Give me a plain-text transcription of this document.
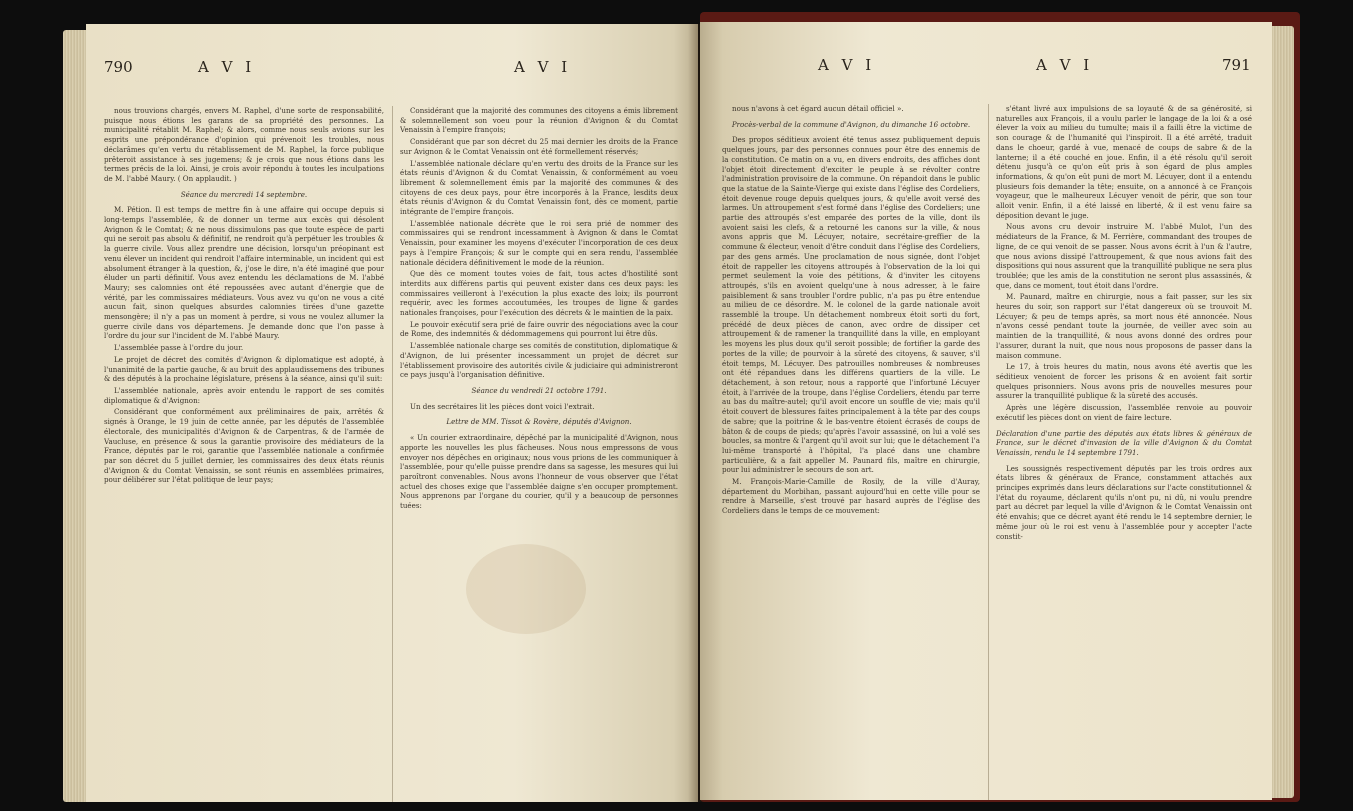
790	A V I	A V I

nous trouvions chargés, envers M. Raphel, d'une sorte de responsabilité, puisque nous étions les garans de sa propriété des personnes. La municipalité rétablit M. Raphel; & alors, comme nous seuls avions sur les esprits une prépondérance d'opinion qui prévenoit les troubles, nous déclarâmes qu'en vertu du rétablissement de M. Raphel, la force publique prêteroit assistance à ses jugemens; & je crois que nous étions dans les termes précis de la loi. Ainsi, je crois avoir répondu à toutes les inculpations de M. l'abbé Maury. ( On applaudit. )

Séance du mercredi 14 septembre.

M. Pétion. Il est temps de mettre fin à une affaire qui occupe depuis si long-temps l'assemblée, & de donner un terme aux excès qui désolent Avignon & le Comtat; & ne nous dissimulons pas que toute espèce de parti qui ne seroit pas absolu & définitif, ne rendroit qu'à perpétuer les troubles & la guerre civile. Vous allez prendre une décision, lorsqu'un préopinant est venu élever un incident qui rendroit l'affaire interminable, un incident qui est absolument étranger à la question, &, j'ose le dire, n'a été imaginé que pour éluder un parti définitif. Vous avez entendu les déclamations de M. l'abbé Maury; ses calomnies ont été repoussées avec autant d'énergie que de vérité, par les commissaires médiateurs. Vous avez vu qu'on ne vous a cité aucun fait, sinon quelques absurdes calomnies tirées d'une gazette mensongère; il n'y a pas un moment à perdre, si vous ne voulez allumer la guerre civile dans vos départemens. Je demande donc que l'on passe à l'ordre du jour sur l'incident de M. l'abbé Maury.

L'assemblée passe à l'ordre du jour.

Le projet de décret des comités d'Avignon & diplomatique est adopté, à l'unanimité de la partie gauche, & au bruit des applaudissemens des tribunes & des députés à la prochaine législature, présens à la séance, ainsi qu'il suit:

L'assemblée nationale, après avoir entendu le rapport de ses comités diplomatique & d'Avignon:

Considérant que conformément aux préliminaires de paix, arrêtés & signés à Orange, le 19 juin de cette année, par les députés de l'assemblée électorale, des municipalités d'Avignon & de Carpentras, & de l'armée de Vaucluse, en présence & sous la garantie provisoire des médiateurs de la France, députés par le roi, garantie que l'assemblée nationale a confirmée par son décret du 5 juillet dernier, les commissaires des deux états réunis d'Avignon & du Comtat Venaissin, se sont réunis en assemblées primaires, pour délibérer sur l'état politique de leur pays;

Considérant que la majorité des communes des citoyens a émis librement & solemnellement son voeu pour la réunion d'Avignon & du Comtat Venaissin à l'empire françois;

Considérant que par son décret du 25 mai dernier les droits de la France sur Avignon & le Comtat Venaissin ont été formellement réservés;

L'assemblée nationale déclare qu'en vertu des droits de la France sur les états réunis d'Avignon & du Comtat Venaissin, & conformément au voeu librement & solemnellement émis par la majorité des communes & des citoyens de ces deux pays, pour être incorporés à la France, lesdits deux états réunis d'Avignon & du Comtat Venaissin font, dès ce moment, partie intégrante de l'empire françois.

L'assemblée nationale décrète que le roi sera prié de nommer des commissaires qui se rendront incessamment à Avignon & dans le Comtat Venaissin, pour examiner les moyens d'exécuter l'incorporation de ces deux pays à l'empire François; & sur le compte qui en sera rendu, l'assemblée nationale décidera définitivement le mode de la réunion.

Que dès ce moment toutes voies de fait, tous actes d'hostilité sont interdits aux différens partis qui peuvent exister dans ces deux pays: les commissaires veilleront à l'exécution la plus exacte des loix; ils pourront requérir, avec les formes accoutumées, les troupes de ligne & gardes nationales françoises, pour l'exécution des décrets & le maintien de la paix.

Le pouvoir exécutif sera prié de faire ouvrir des négociations avec la cour de Rome, des indemnités & dédommagemens qui pourront lui être dûs.

L'assemblée nationale charge ses comités de constitution, diplomatique & d'Avignon, de lui présenter incessamment un projet de décret sur l'établissement provisoire des autorités civile & judiciaire qui administreront ce pays jusqu'à l'organisation définitive.

Séance du vendredi 21 octobre 1791.

Un des secrétaires lit les pièces dont voici l'extrait.

Lettre de MM. Tissot & Rovère, députés d'Avignon.

« Un courier extraordinaire, dépêché par la municipalité d'Avignon, nous apporte les nouvelles les plus fâcheuses. Nous nous empressons de vous envoyer nos dépêches en originaux; nous vous prions de les communiquer à l'assemblée, pour qu'elle puisse prendre dans sa sagesse, les mesures qui lui paroîtront convenables. Nous avons l'honneur de vous observer que l'état actuel des choses exige que l'assemblée daigne s'en occuper promptement. Nous apprenons par l'organe du courier, qu'il y a beaucoup de personnes tuées:

A V I	A V I	791

nous n'avons à cet égard aucun détail officiel ».

Procès-verbal de la commune d'Avignon, du dimanche 16 octobre.

Des propos séditieux avoient été tenus assez publiquement depuis quelques jours, par des personnes connues pour être des ennemis de la constitution. Ce matin on a vu, en divers endroits, des affiches dont l'objet étoit directement d'exciter le peuple à se révolter contre l'administration provisoire de la commune. On répandoit dans le public que la statue de la Sainte-Vierge qui existe dans l'église des Cordeliers, étoit devenue rouge depuis quelques jours, & qu'elle avoit versé des larmes. Un attroupement s'est formé dans l'église des Cordeliers; une partie des attroupés s'est emparée des portes de la ville, dont ils avoient saisi les clefs, & a retourné les canons sur la ville, & nous avons appris que M. Lécuyer, notaire, secrétaire-greffier de la commune & électeur, venoit d'être conduit dans l'église des Cordeliers, par des gens armés. Une proclamation de nous signée, dont l'objet étoit de rappeller les citoyens attroupés à l'observation de la loi qui permet seulement la voie des pétitions, & d'inviter les citoyens attroupés, s'ils en avoient quelqu'une à nous adresser, à le faire paisiblement & sans troubler l'ordre public, n'a pas pu être entendue au milieu de ce désordre. M. le colonel de la garde nationale avoit rassemblé la troupe. Un détachement nombreux étoit sorti du fort, précédé de deux pièces de canon, avec ordre de dissiper cet attroupement & de ramener la tranquillité dans la ville, en employant les moyens les plus doux qu'il seroit possible; de fortifier la garde des portes de la ville; de pourvoir à la sûreté des citoyens, & sauver, s'il étoit temps, M. Lécuyer. Des patrouilles nombreuses & nombreuses ont été répandues dans les différens quartiers de la ville. Le détachement, à son retour, nous a rapporté que l'infortuné Lécuyer étoit, à l'arrivée de la troupe, dans l'église Cordeliers, étendu par terre au bas du maître-autel; qu'il avoit encore un souffle de vie; mais qu'il étoit couvert de blessures faites principalement à la tête par des coups de sabre; que la poitrine & le bas-ventre étoient écrasés de coups de bâton & de coups de pieds; qu'après l'avoir assassiné, on lui a volé ses boucles, sa montre & l'argent qu'il avoit sur lui; que le détachement l'a lui-même transporté à l'hôpital, l'a placé dans une chambre particulière, & a fait appeller M. Paunard fils, maître en chirurgie, pour lui administrer le secours de son art.

M. François-Marie-Camille de Rosily, de la ville d'Auray, département du Morbihan, passant aujourd'hui en cette ville pour se rendre à Marseille, s'est trouvé par hasard auprès de l'église des Cordeliers dans le temps de ce mouvement:

s'étant livré aux impulsions de sa loyauté & de sa générosité, si naturelles aux François, il a voulu parler le langage de la loi & a osé élever la voix au milieu du tumulte; mais il a failli être la victime de son courage & de l'humanité qui l'inspiroit. Il a été arrêté, traduit dans le choeur, gardé à vue, menacé de coups de sabre & de la lanterne; il a été couché en joue. Enfin, il a été résolu qu'il seroit détenu jusqu'à ce qu'on eût pris à son égard de plus amples informations, & qu'on eût puni de mort M. Lécuyer, dont il a entendu plusieurs fois demander la tête; ensuite, on a annoncé à ce François voyageur, que le malheureux Lécuyer venoit de périr, que son tour alloit venir. Enfin, il a été laissé en liberté, & il est venu faire sa déposition devant le juge.

Nous avons cru devoir instruire M. l'abbé Mulot, l'un des médiateurs de la France, & M. Ferrière, commandant des troupes de ligne, de ce qui venoit de se passer. Nous avons écrit à l'un & l'autre, que nous avions dissipé l'attroupement, & que nous avions fait des dispositions qui nous assurent que la tranquillité publique ne sera plus troublée; que les amis de la constitution ne seront plus assassinés, & que, dans ce moment, tout étoit dans l'ordre.

M. Paunard, maître en chirurgie, nous a fait passer, sur les six heures du soir, son rapport sur l'état dangereux où se trouvoit M. Lécuyer; & peu de temps après, sa mort nous été annoncée. Nous n'avons cessé pendant toute la journée, de veiller avec soin au maintien de la tranquillité, & nous avons donné des ordres pour l'assurer, durant la nuit, que nous nous proposons de passer dans la maison commune.

Le 17, à trois heures du matin, nous avons été avertis que les séditieux venoient de forcer les prisons & en avoient fait sortir quelques prisonniers. Nous avons pris de nouvelles mesures pour assurer la tranquillité publique & la sûreté des accusés.

Après une légère discussion, l'assemblée renvoie au pouvoir exécutif les pièces dont on vient de faire lecture.

Déclaration d'une partie des députés aux états libres & généraux de France, sur le décret d'invasion de la ville d'Avignon & du Comtat Venaissin, rendu le 14 septembre 1791.

Les soussignés respectivement députés par les trois ordres aux états libres & généraux de France, constamment attachés aux principes exprimés dans leurs déclarations sur l'acte constitutionnel & l'état du royaume, déclarent qu'ils n'ont pu, ni dû, ni voulu prendre part au décret par lequel la ville d'Avignon & le Comtat Venaissin ont été envahis; que ce décret ayant été rendu le 14 septembre dernier, le même jour où le roi est venu à l'assemblée pour y accepter l'acte constit-
